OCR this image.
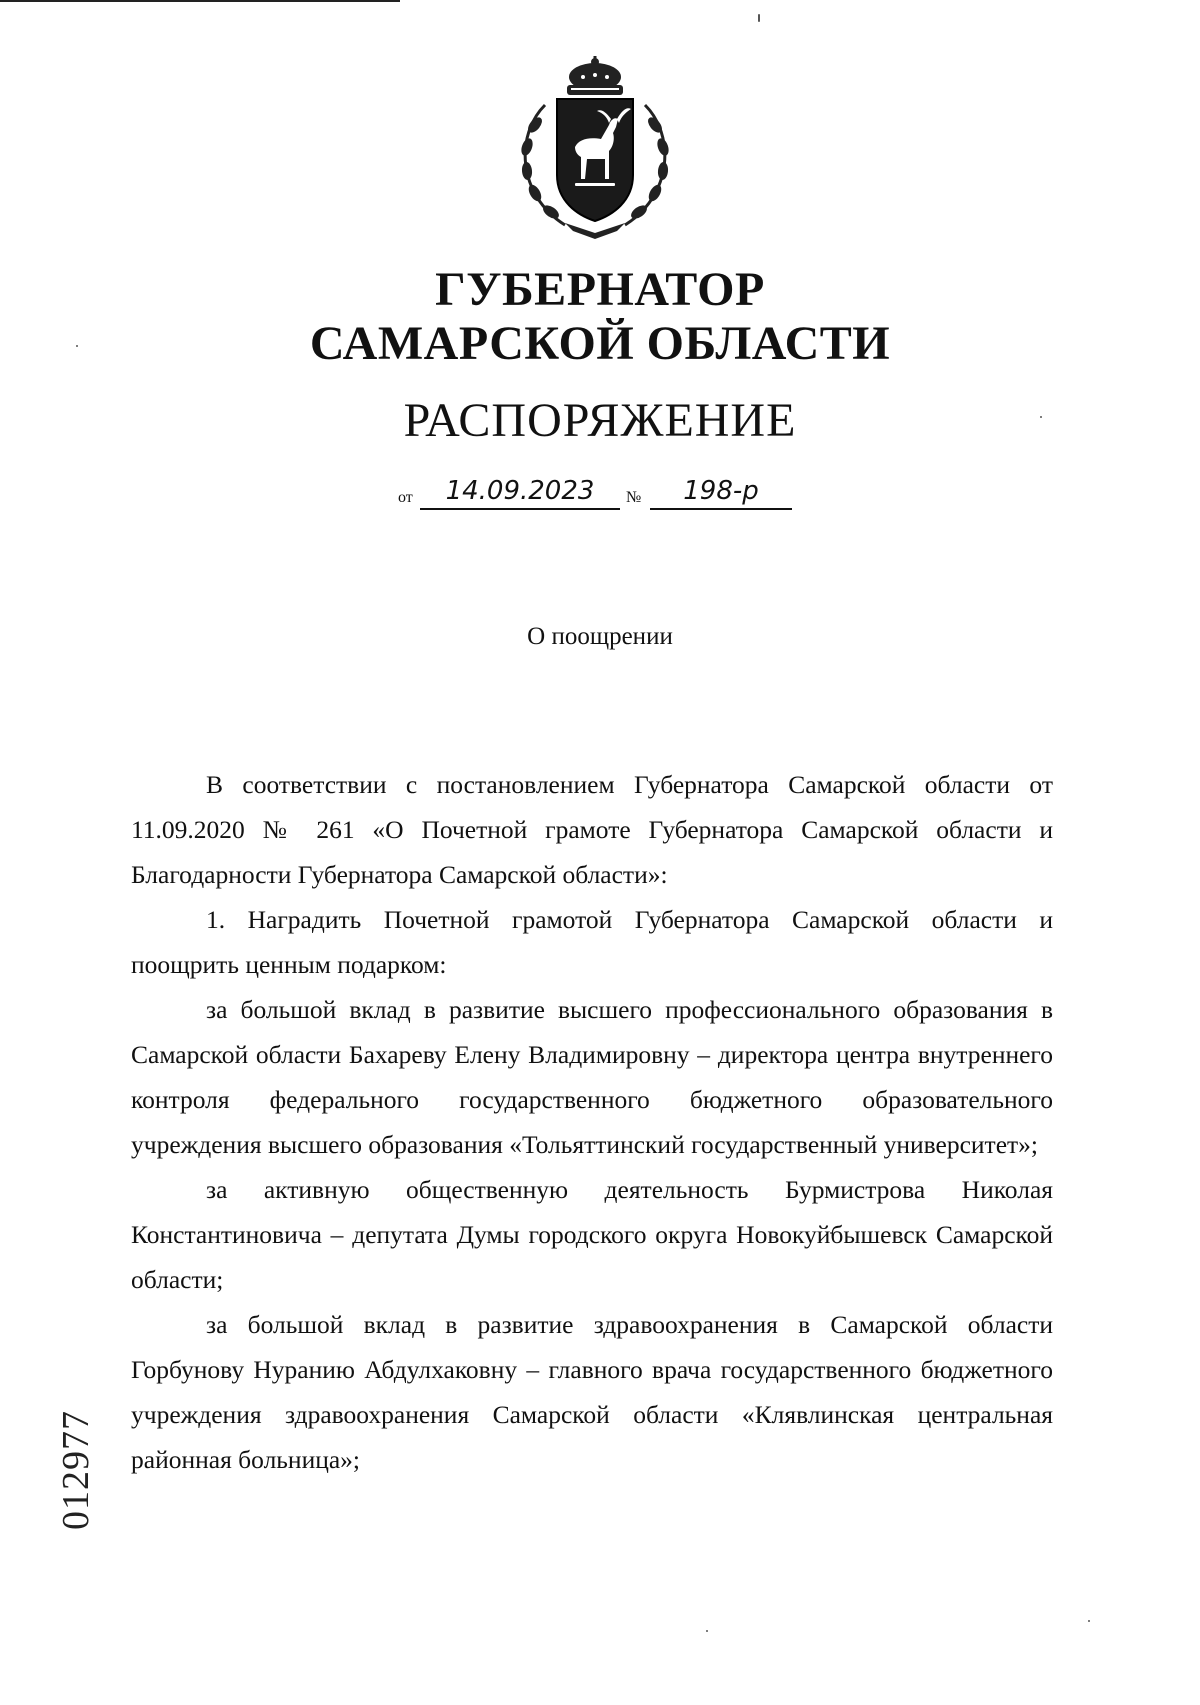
ГУБЕРНАТОР
САМАРСКОЙ ОБЛАСТИ
РАСПОРЯЖЕНИЕ
от	14.09.2023	№	198-р
О поощрении

В соответствии с постановлением Губернатора Самарской области от 11.09.2020 № 261 «О Почетной грамоте Губернатора Самарской области и Благодарности Губернатора Самарской области»:

1. Наградить Почетной грамотой Губернатора Самарской области и поощрить ценным подарком:

за большой вклад в развитие высшего профессионального образования в Самарской области Бахареву Елену Владимировну – директора центра внутреннего контроля федерального государственного бюджетного образовательного учреждения высшего образования «Тольяттинский государственный университет»;

за активную общественную деятельность Бурмистрова Николая Константиновича – депутата Думы городского округа Новокуйбышевск Самарской области;

за большой вклад в развитие здравоохранения в Самарской области Горбунову Нуранию Абдулхаковну – главного врача государственного бюджетного учреждения здравоохранения Самарской области «Клявлинская центральная районная больница»;

012977
